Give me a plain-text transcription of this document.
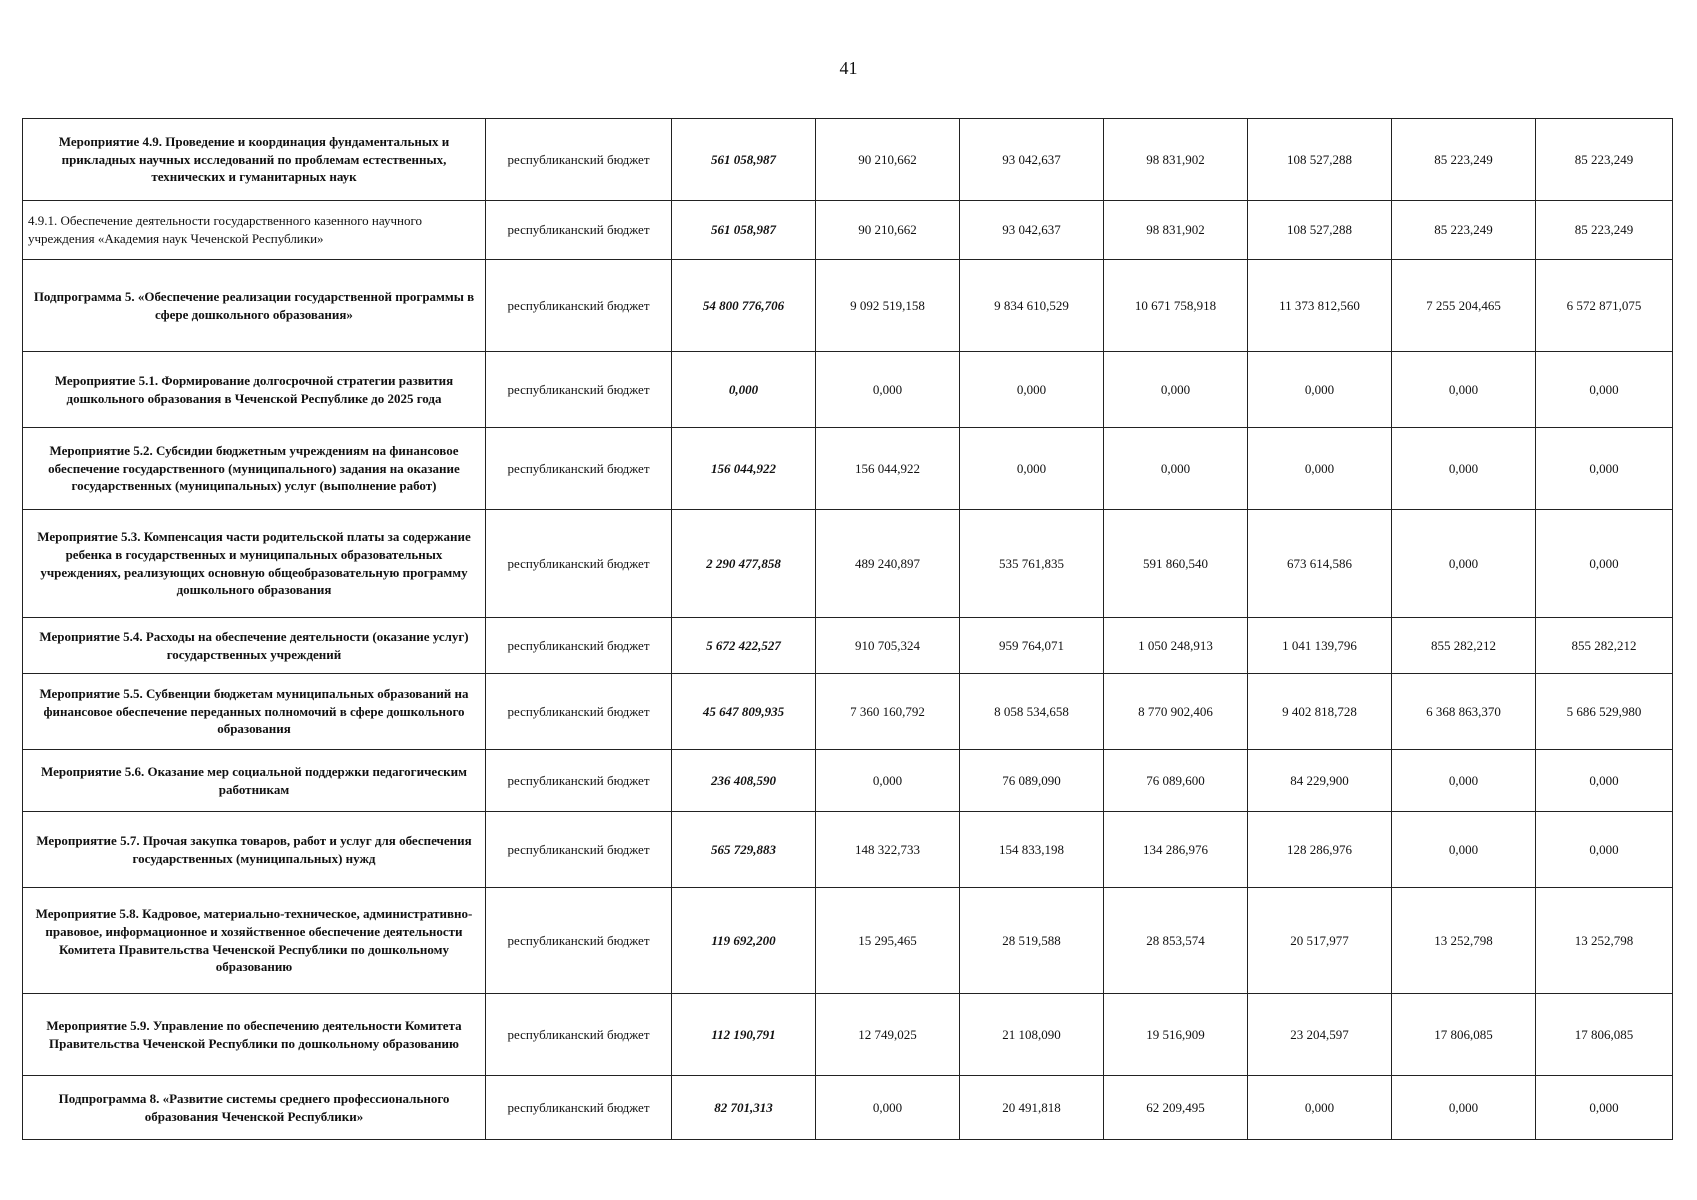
41
Мероприятие 4.9. Проведение и координация фундаментальных и прикладных научных исследований по проблемам естественных, технических и гуманитарных наук	республиканский бюджет	561 058,987	90 210,662	93 042,637	98 831,902	108 527,288	85 223,249	85 223,249
4.9.1. Обеспечение деятельности государственного казенного научного учреждения «Академия наук Чеченской Республики»	республиканский бюджет	561 058,987	90 210,662	93 042,637	98 831,902	108 527,288	85 223,249	85 223,249
Подпрограмма 5. «Обеспечение реализации государственной программы в сфере дошкольного образования»	республиканский бюджет	54 800 776,706	9 092 519,158	9 834 610,529	10 671 758,918	11 373 812,560	7 255 204,465	6 572 871,075
Мероприятие 5.1. Формирование долгосрочной стратегии развития дошкольного образования в Чеченской Республике до 2025 года	республиканский бюджет	0,000	0,000	0,000	0,000	0,000	0,000	0,000
Мероприятие 5.2. Субсидии бюджетным учреждениям на финансовое обеспечение государственного (муниципального) задания на оказание государственных (муниципальных) услуг (выполнение работ)	республиканский бюджет	156 044,922	156 044,922	0,000	0,000	0,000	0,000	0,000
Мероприятие 5.3. Компенсация части родительской платы за содержание ребенка в государственных и муниципальных образовательных учреждениях, реализующих основную общеобразовательную программу дошкольного образования	республиканский бюджет	2 290 477,858	489 240,897	535 761,835	591 860,540	673 614,586	0,000	0,000
Мероприятие 5.4. Расходы на обеспечение деятельности (оказание услуг) государственных учреждений	республиканский бюджет	5 672 422,527	910 705,324	959 764,071	1 050 248,913	1 041 139,796	855 282,212	855 282,212
Мероприятие 5.5. Субвенции бюджетам муниципальных образований на финансовое обеспечение переданных полномочий в сфере дошкольного образования	республиканский бюджет	45 647 809,935	7 360 160,792	8 058 534,658	8 770 902,406	9 402 818,728	6 368 863,370	5 686 529,980
Мероприятие 5.6. Оказание мер социальной поддержки педагогическим работникам	республиканский бюджет	236 408,590	0,000	76 089,090	76 089,600	84 229,900	0,000	0,000
Мероприятие 5.7. Прочая закупка товаров, работ и услуг для обеспечения государственных (муниципальных) нужд	республиканский бюджет	565 729,883	148 322,733	154 833,198	134 286,976	128 286,976	0,000	0,000
Мероприятие 5.8. Кадровое, материально-техническое, административно-правовое, информационное и хозяйственное обеспечение деятельности Комитета Правительства Чеченской Республики по дошкольному образованию	республиканский бюджет	119 692,200	15 295,465	28 519,588	28 853,574	20 517,977	13 252,798	13 252,798
Мероприятие 5.9. Управление по обеспечению деятельности Комитета Правительства Чеченской Республики по дошкольному образованию	республиканский бюджет	112 190,791	12 749,025	21 108,090	19 516,909	23 204,597	17 806,085	17 806,085
Подпрограмма 8. «Развитие системы среднего профессионального образования Чеченской Республики»	республиканский бюджет	82 701,313	0,000	20 491,818	62 209,495	0,000	0,000	0,000
